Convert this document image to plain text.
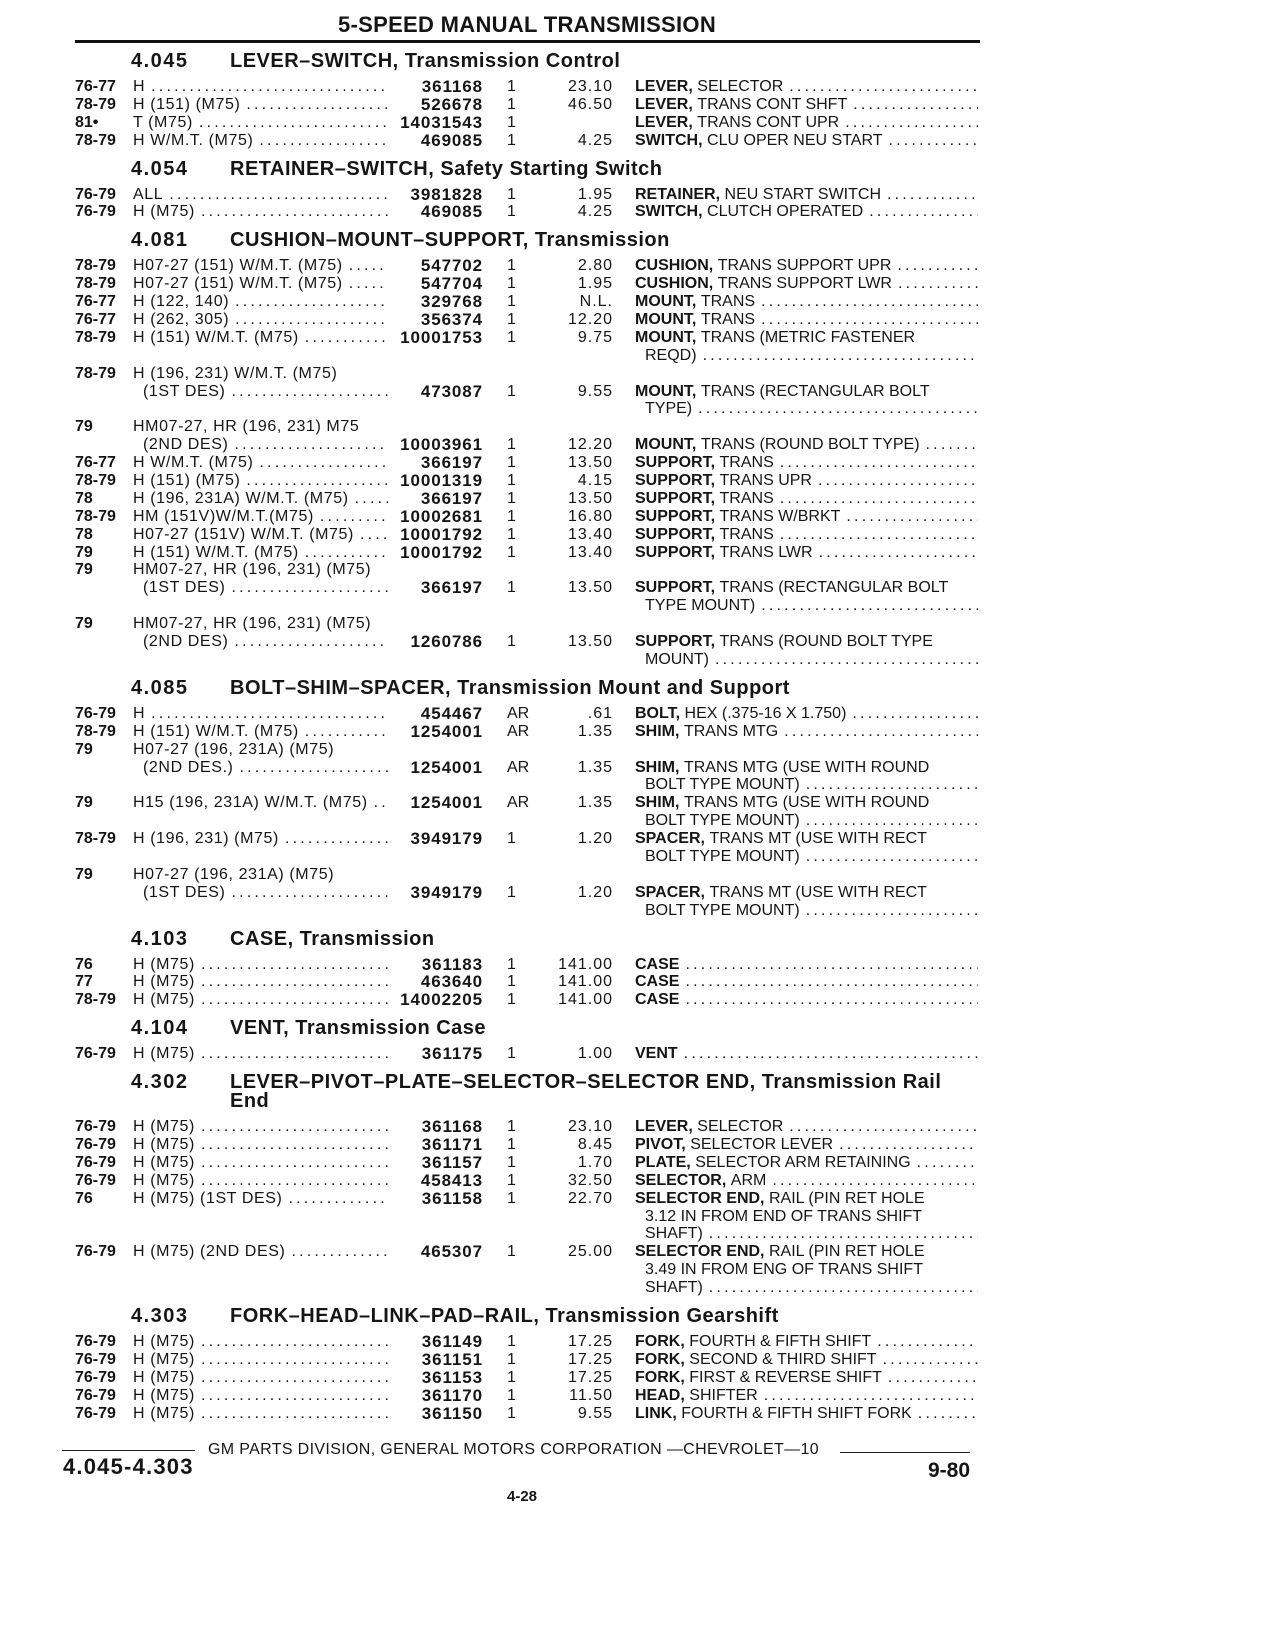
5-SPEED MANUAL TRANSMISSION
4.045 LEVER–SWITCH, Transmission Control
76-77 H .....	361168 1	23.10 LEVER, SELECTOR
.....
78-79 H (151) (M75) .....	526678 1	46.50 LEVER, TRANS CONT SHFT
.....
81• T (M75) .....	14031543 1	LEVER, TRANS CONT UPR
.....
78-79 H W/M.T. (M75) .....	469085 1	4.25 SWITCH, CLU OPER NEU START
.....
4.054 RETAINER–SWITCH, Safety Starting Switch
76-79 ALL .....	3981828 1	1.95 RETAINER, NEU START SWITCH
.....
76-79 H (M75) .....	469085 1	4.25 SWITCH, CLUTCH OPERATED
.....
4.081 CUSHION–MOUNT–SUPPORT, Transmission
78-79 H07-27 (151) W/M.T. (M75) .....	547702 1	2.80 CUSHION, TRANS SUPPORT UPR
.....
78-79 H07-27 (151) W/M.T. (M75) .....	547704 1	1.95 CUSHION, TRANS SUPPORT LWR
.....
76-77 H (122, 140) .....	329768 1	N.L. MOUNT, TRANS
.....
76-77 H (262, 305) .....	356374 1	12.20 MOUNT, TRANS
.....
78-79 H (151) W/M.T. (M75) .....	10001753 1	9.75 MOUNT, TRANS (METRIC FASTENER
REQD)
.....
78-79 H (196, 231) W/M.T. (M75)
(1ST DES) .....	473087 1	9.55 MOUNT, TRANS (RECTANGULAR BOLT
TYPE)
.....
79	HM07-27, HR (196, 231) M75
(2ND DES) .....	10003961 1	12.20 MOUNT, TRANS (ROUND BOLT TYPE)
.....
76-77 H W/M.T. (M75) .....	366197 1	13.50 SUPPORT, TRANS
.....
78-79 H (151) (M75) .....	10001319 1	4.15 SUPPORT, TRANS UPR
.....
78	H (196, 231A) W/M.T. (M75) .....	366197 1	13.50 SUPPORT, TRANS
.....
78-79 HM (151V)W/M.T.(M75) .....	10002681 1	16.80 SUPPORT, TRANS W/BRKT
.....
78	H07-27 (151V) W/M.T. (M75) .....	10001792 1	13.40 SUPPORT, TRANS
.....
79	H (151) W/M.T. (M75) .....	10001792 1	13.40 SUPPORT, TRANS LWR
.....
79	HM07-27, HR (196, 231) (M75)
(1ST DES) .....	366197 1	13.50 SUPPORT, TRANS (RECTANGULAR BOLT
TYPE MOUNT)
.....
79	HM07-27, HR (196, 231) (M75)
(2ND DES) .....	1260786 1	13.50 SUPPORT, TRANS (ROUND BOLT TYPE
MOUNT)
.....
4.085 BOLT–SHIM–SPACER, Transmission Mount and Support
76-79 H .....	454467 AR	.61 BOLT, HEX (.375-16 X 1.750)
.....
78-79 H (151) W/M.T. (M75) .....	1254001 AR	1.35 SHIM, TRANS MTG
.....
79	H07-27 (196, 231A) (M75)
(2ND DES.) .....	1254001 AR	1.35 SHIM, TRANS MTG (USE WITH ROUND
BOLT TYPE MOUNT)
.....
79	H15 (196, 231A) W/M.T. (M75) .....	1254001 AR	1.35 SHIM, TRANS MTG (USE WITH ROUND
BOLT TYPE MOUNT)
.....
78-79 H (196, 231) (M75) .....	3949179 1	1.20 SPACER, TRANS MT (USE WITH RECT
BOLT TYPE MOUNT)
.....
79	H07-27 (196, 231A) (M75)
(1ST DES) .....	3949179 1	1.20 SPACER, TRANS MT (USE WITH RECT
BOLT TYPE MOUNT)
.....
4.103 CASE, Transmission
76	H (M75) .....	361183 1	141.00 CASE
.....
77	H (M75) .....	463640 1	141.00 CASE
.....
78-79 H (M75) .....	14002205 1	141.00 CASE
.....
4.104 VENT, Transmission Case
76-79 H (M75) .....	361175 1	1.00 VENT
.....
4.302 LEVER–PIVOT–PLATE–SELECTOR–SELECTOR END, Transmission Rail
End
76-79 H (M75) .....	361168 1	23.10 LEVER, SELECTOR
.....
76-79 H (M75) .....	361171 1	8.45 PIVOT, SELECTOR LEVER
.....
76-79 H (M75) .....	361157 1	1.70 PLATE, SELECTOR ARM RETAINING
.....
76-79 H (M75) .....	458413 1	32.50 SELECTOR, ARM
.....
76	H (M75) (1ST DES) .....	361158 1	22.70 SELECTOR END, RAIL (PIN RET HOLE
3.12 IN FROM END OF TRANS SHIFT
SHAFT)
.....
76-79 H (M75) (2ND DES) .....	465307 1	25.00 SELECTOR END, RAIL (PIN RET HOLE
3.49 IN FROM ENG OF TRANS SHIFT
SHAFT)
.....
4.303 FORK–HEAD–LINK–PAD–RAIL, Transmission Gearshift
76-79 H (M75) .....	361149 1	17.25 FORK, FOURTH & FIFTH SHIFT
.....
76-79 H (M75) .....	361151 1	17.25 FORK, SECOND & THIRD SHIFT
.....
76-79 H (M75) .....	361153 1	17.25 FORK, FIRST & REVERSE SHIFT
.....
76-79 H (M75) .....	361170 1	11.50 HEAD, SHIFTER
.....
76-79 H (M75) .....	361150 1	9.55 LINK, FOURTH & FIFTH SHIFT FORK
.....
GM PARTS DIVISION, GENERAL MOTORS CORPORATION —CHEVROLET—10
4.045-4.303
4-28
9-80
